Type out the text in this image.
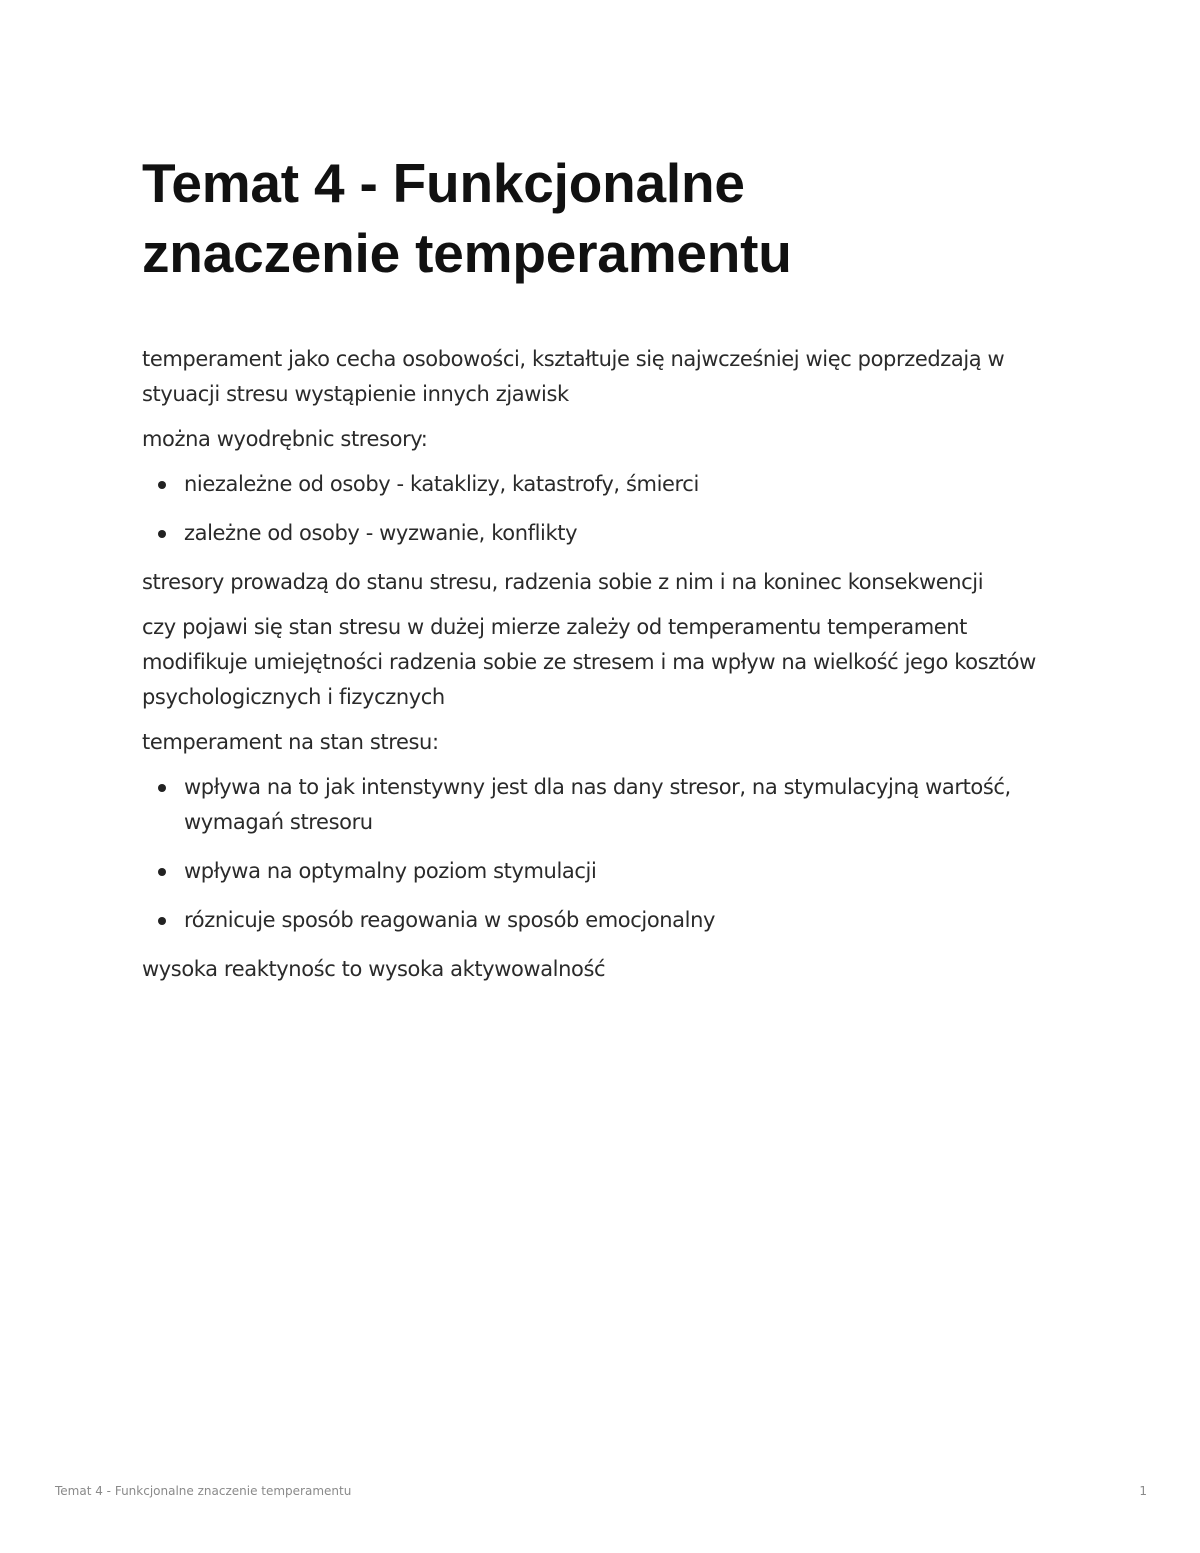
Temat 4 - Funkcjonalne
znaczenie temperamentu

temperament jako cecha osobowości, kształtuje się najwcześniej więc poprzedzają w styuacji stresu wystąpienie innych zjawisk

można wyodrębnic stresory:

niezależne od osoby - kataklizy, katastrofy, śmierci
zależne od osoby - wyzwanie, konflikty

stresory prowadzą do stanu stresu, radzenia sobie z nim i na koninec konsekwencji

czy pojawi się stan stresu w dużej mierze zależy od temperamentu temperament modifikuje umiejętności radzenia sobie ze stresem i ma wpływ na wielkość jego kosztów psychologicznych i fizycznych

temperament na stan stresu:

wpływa na to jak intenstywny jest dla nas dany stresor, na stymulacyjną wartość, wymagań stresoru
wpływa na optymalny poziom stymulacji
róznicuje sposób reagowania w sposób emocjonalny

wysoka reaktynośc to wysoka aktywowalność

Temat 4 - Funkcjonalne znaczenie temperamentu	1
